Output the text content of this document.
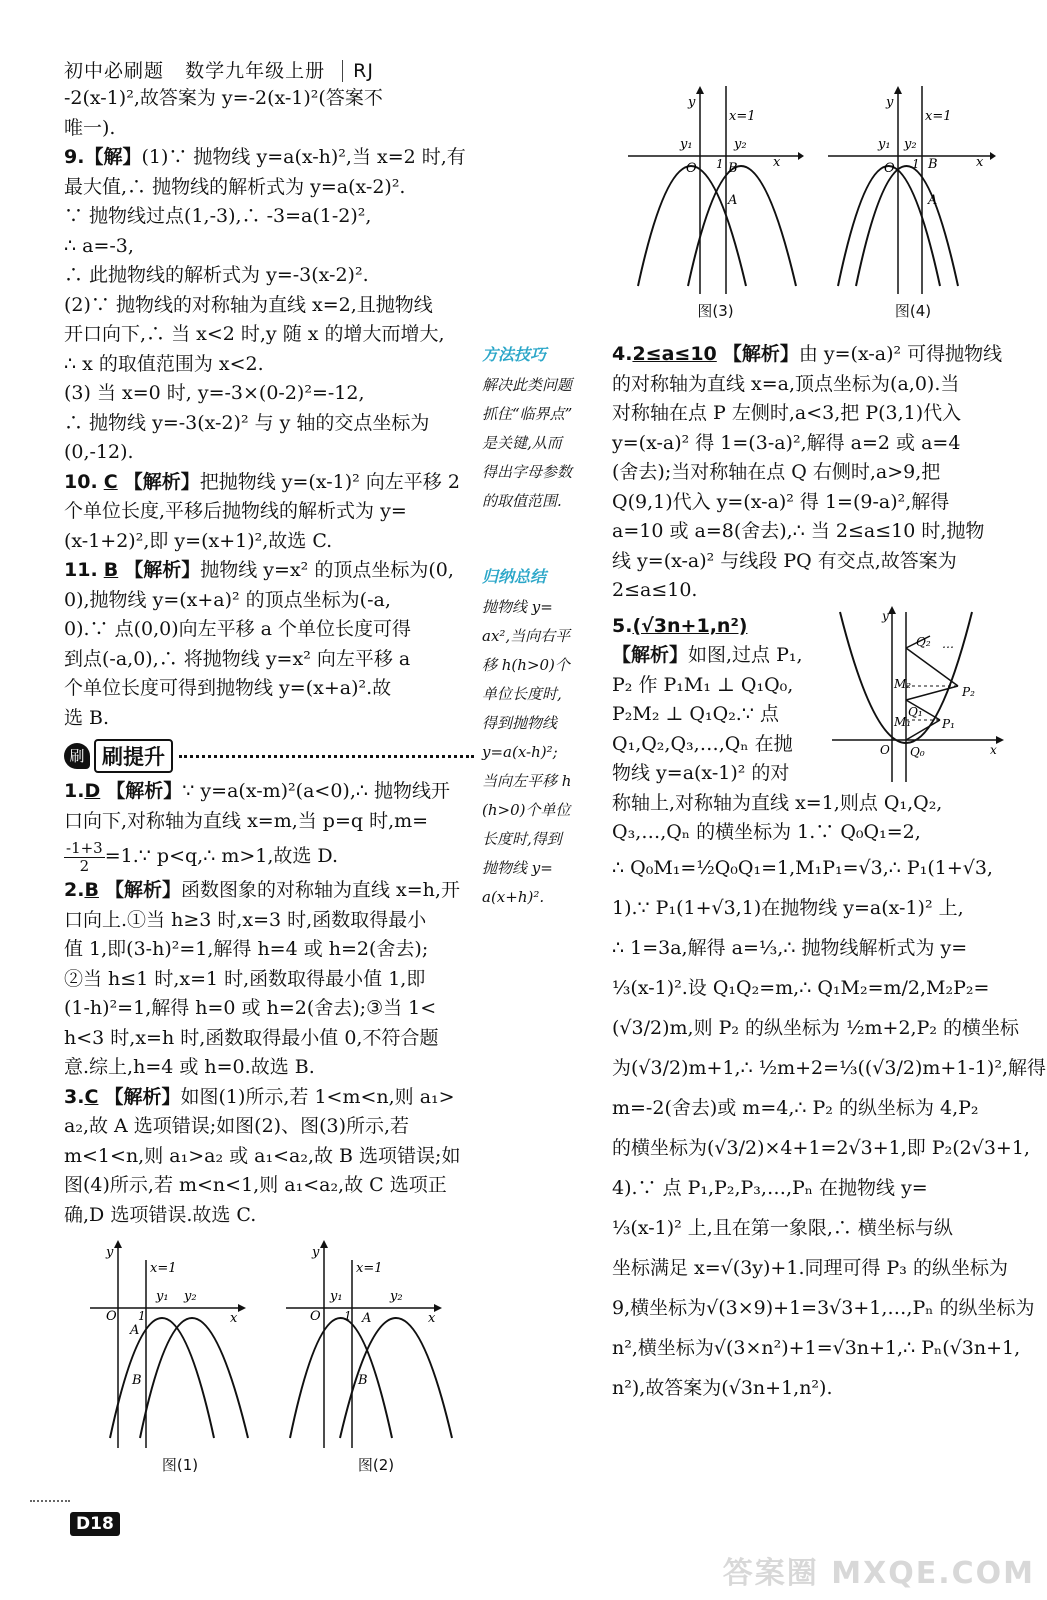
初中必刷题 数学九年级上册 RJ
-2(x-1)²,故答案为 y=-2(x-1)²(答案不
唯一).
9.【解】(1)∵ 抛物线 y=a(x-h)²,当 x=2 时,有
最大值,∴ 抛物线的解析式为 y=a(x-2)².
∵ 抛物线过点(1,-3),∴ -3=a(1-2)²,
∴ a=-3,
∴ 此抛物线的解析式为 y=-3(x-2)².
(2)∵ 抛物线的对称轴为直线 x=2,且抛物线
开口向下,∴ 当 x<2 时,y 随 x 的增大而增大,
∴ x 的取值范围为 x<2.
(3) 当 x=0 时, y=-3×(0-2)²=-12,
∴ 抛物线 y=-3(x-2)² 与 y 轴的交点坐标为
(0,-12).
10. C 【解析】把抛物线 y=(x-1)² 向左平移 2
个单位长度,平移后抛物线的解析式为 y=
(x-1+2)²,即 y=(x+1)²,故选 C.
11. B 【解析】抛物线 y=x² 的顶点坐标为(0,
0),抛物线 y=(x+a)² 的顶点坐标为(-a,
0).∵ 点(0,0)向左平移 a 个单位长度可得
到点(-a,0),∴ 将抛物线 y=x² 向左平移 a
个单位长度可得到抛物线 y=(x+a)².故
选 B.
刷 刷提升
1.D 【解析】∵ y=a(x-m)²(a<0),∴ 抛物线开
口向下,对称轴为直线 x=m,当 p=q 时,m=
$\frac{-1+3}{2}$ =1.∵ p<q,∴ m>1,故选 D.
2.B 【解析】函数图象的对称轴为直线 x=h,开
口向上.①当 h≥3 时,x=3 时,函数取得最小
值 1,即(3-h)²=1,解得 h=4 或 h=2(舍去);
②当 h≤1 时,x=1 时,函数取得最小值 1,即
(1-h)²=1,解得 h=0 或 h=2(舍去);③当 1<
h<3 时,x=h 时,函数取得最小值 0,不符合题
意.综上,h=4 或 h=0.故选 B.
3.C 【解析】如图(1)所示,若 1<m<n,则 a₁>
a₂,故 A 选项错误;如图(2)、图(3)所示,若
m<1<n,则 a₁>a₂ 或 a₁<a₂,故 B 选项错误;如
图(4)所示,若 m<n<1,则 a₁<a₂,故 C 选项正
确,D 选项错误.故选 C.
方法技巧
解决此类问题
抓住“临界点”
是关键,从而
得出字母参数
的取值范围.
归纳总结
抛物线 y=
ax²,当向右平
移 h(h>0)个
单位长度时,
得到抛物线
y=a(x-h)²;
当向左平移 h
(h>0)个单位
长度时,得到
抛物线 y=
a(x+h)².
y
x=1
y₁	y₂
O 1 B
A
x
图(3)
y
x=1
y₁ y₂
O 1 B
A
x
图(4)
4.2≤a≤10 【解析】由 y=(x-a)² 可得抛物线
的对称轴为直线 x=a,顶点坐标为(a,0).当
对称轴在点 P 左侧时,a<3,把 P(3,1)代入
y=(x-a)² 得 1=(3-a)²,解得 a=2 或 a=4
(舍去);当对称轴在点 Q 右侧时,a>9,把
Q(9,1)代入 y=(x-a)² 得 1=(9-a)²,解得
a=10 或 a=8(舍去),∴ 当 2≤a≤10 时,抛物
线 y=(x-a)² 与线段 PQ 有交点,故答案为
2≤a≤10.
5.(√3n+1,n²)
【解析】如图,过点 P₁,
P₂ 作 P₁M₁ ⊥ Q₁Q₀,
P₂M₂ ⊥ Q₁Q₂.∵ 点
Q₁,Q₂,Q₃,…,Qₙ 在抛
物线 y=a(x-1)² 的对
称轴上,对称轴为直线 x=1,则点 Q₁,Q₂,
Q₃,…,Qₙ 的横坐标为 1.∵ Q₀Q₁=2,
∴ Q₀M₁=½Q₀Q₁=1,M₁P₁=√3,∴ P₁(1+√3,
1).∵ P₁(1+√3,1)在抛物线 y=a(x-1)² 上,
∴ 1=3a,解得 a=⅓,∴ 抛物线解析式为 y=
⅓(x-1)².设 Q₁Q₂=m,∴ Q₁M₂=m/2,M₂P₂=
(√3/2)m,则 P₂ 的纵坐标为 ½m+2,P₂ 的横坐标
为(√3/2)m+1,∴ ½m+2=⅓((√3/2)m+1-1)²,解得
m=-2(舍去)或 m=4,∴ P₂ 的纵坐标为 4,P₂
的横坐标为(√3/2)×4+1=2√3+1,即 P₂(2√3+1,
4).∵ 点 P₁,P₂,P₃,…,Pₙ 在抛物线 y=
⅓(x-1)² 上,且在第一象限,∴ 横坐标与纵
坐标满足 x=√(3y)+1.同理可得 P₃ 的纵坐标为
9,横坐标为√(3×9)+1=3√3+1,…,Pₙ 的纵坐标为
n²,横坐标为√(3×n²)+1=√3n+1,∴ Pₙ(√3n+1,
n²),故答案为(√3n+1,n²).
Q₂
Q₁
M₂
M₁
P₂
P₁
Q₀
O
…
x
y
y
x=1
y₁ y₂
O 1
A
B
x
图(1)
y
x=1
y₁	y₂
O 1 A
B
x
图(2)
D18
答案圈 MXQE.COM
